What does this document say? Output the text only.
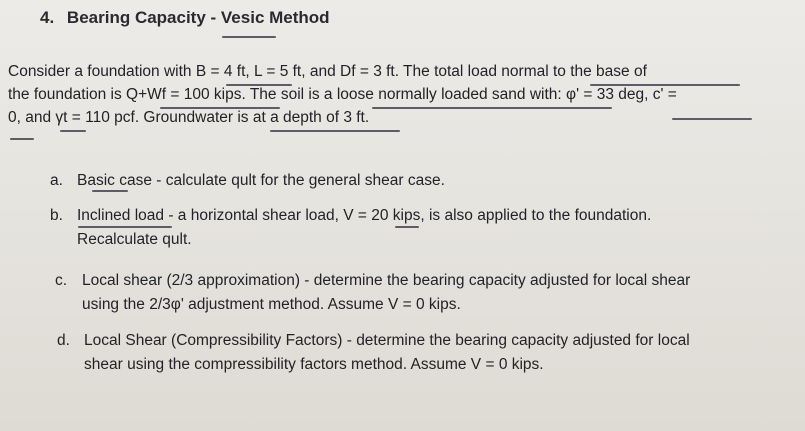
4. Bearing Capacity - Vesic Method
Consider a foundation with B = 4 ft, L = 5 ft, and Df = 3 ft. The total load normal to the base of
the foundation is Q+Wf = 100 kips. The soil is a loose normally loaded sand with: φ' = 33 deg, c' =
0, and γt = 110 pcf. Groundwater is at a depth of 3 ft.
a. Basic case - calculate qult for the general shear case.
b. Inclined load - a horizontal shear load, V = 20 kips, is also applied to the foundation.
Recalculate qult.
c. Local shear (2/3 approximation) - determine the bearing capacity adjusted for local shear
using the 2/3φ' adjustment method. Assume V = 0 kips.
d. Local Shear (Compressibility Factors) - determine the bearing capacity adjusted for local
shear using the compressibility factors method. Assume V = 0 kips.
